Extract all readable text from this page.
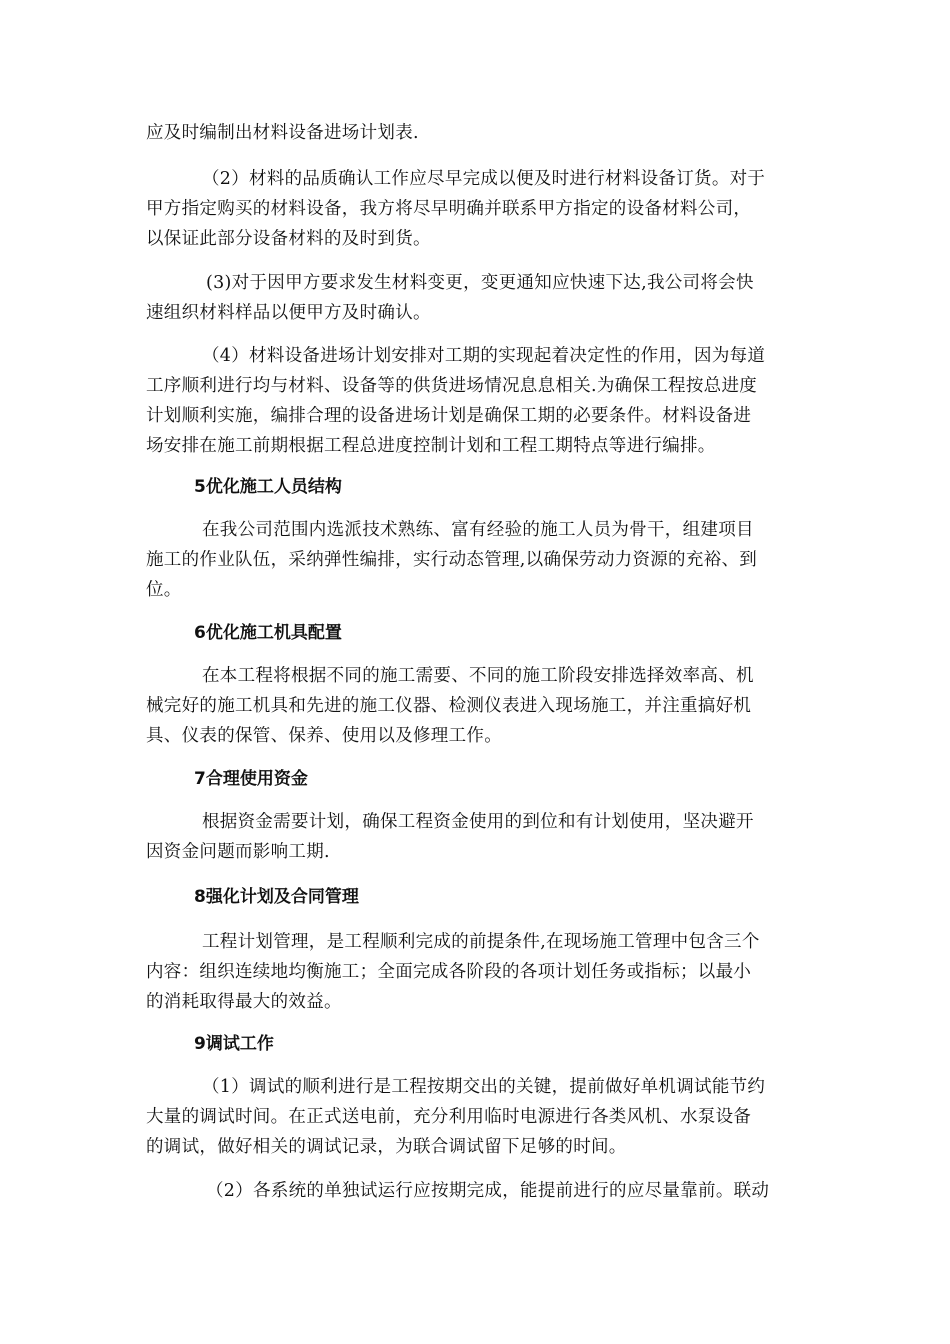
应及时编制出材料设备进场计划表.
（2）材料的品质确认工作应尽早完成以便及时进行材料设备订货。对于
甲方指定购买的材料设备，我方将尽早明确并联系甲方指定的设备材料公司，
以保证此部分设备材料的及时到货。
(3)对于因甲方要求发生材料变更，变更通知应快速下达,我公司将会快
速组织材料样品以便甲方及时确认。
（4）材料设备进场计划安排对工期的实现起着决定性的作用，因为每道
工序顺利进行均与材料、设备等的供货进场情况息息相关.为确保工程按总进度
计划顺利实施，编排合理的设备进场计划是确保工期的必要条件。材料设备进
场安排在施工前期根据工程总进度控制计划和工程工期特点等进行编排。
5优化施工人员结构
在我公司范围内选派技术熟练、富有经验的施工人员为骨干，组建项目
施工的作业队伍，采纳弹性编排，实行动态管理,以确保劳动力资源的充裕、到
位。
6优化施工机具配置
在本工程将根据不同的施工需要、不同的施工阶段安排选择效率高、机
械完好的施工机具和先进的施工仪器、检测仪表进入现场施工，并注重搞好机
具、仪表的保管、保养、使用以及修理工作。
7合理使用资金
根据资金需要计划，确保工程资金使用的到位和有计划使用，坚决避开
因资金问题而影响工期.
8强化计划及合同管理
工程计划管理，是工程顺利完成的前提条件,在现场施工管理中包含三个
内容：组织连续地均衡施工；全面完成各阶段的各项计划任务或指标；以最小
的消耗取得最大的效益。
9调试工作
（1）调试的顺利进行是工程按期交出的关键，提前做好单机调试能节约
大量的调试时间。在正式送电前，充分利用临时电源进行各类风机、水泵设备
的调试，做好相关的调试记录，为联合调试留下足够的时间。
（2）各系统的单独试运行应按期完成，能提前进行的应尽量靠前。联动
